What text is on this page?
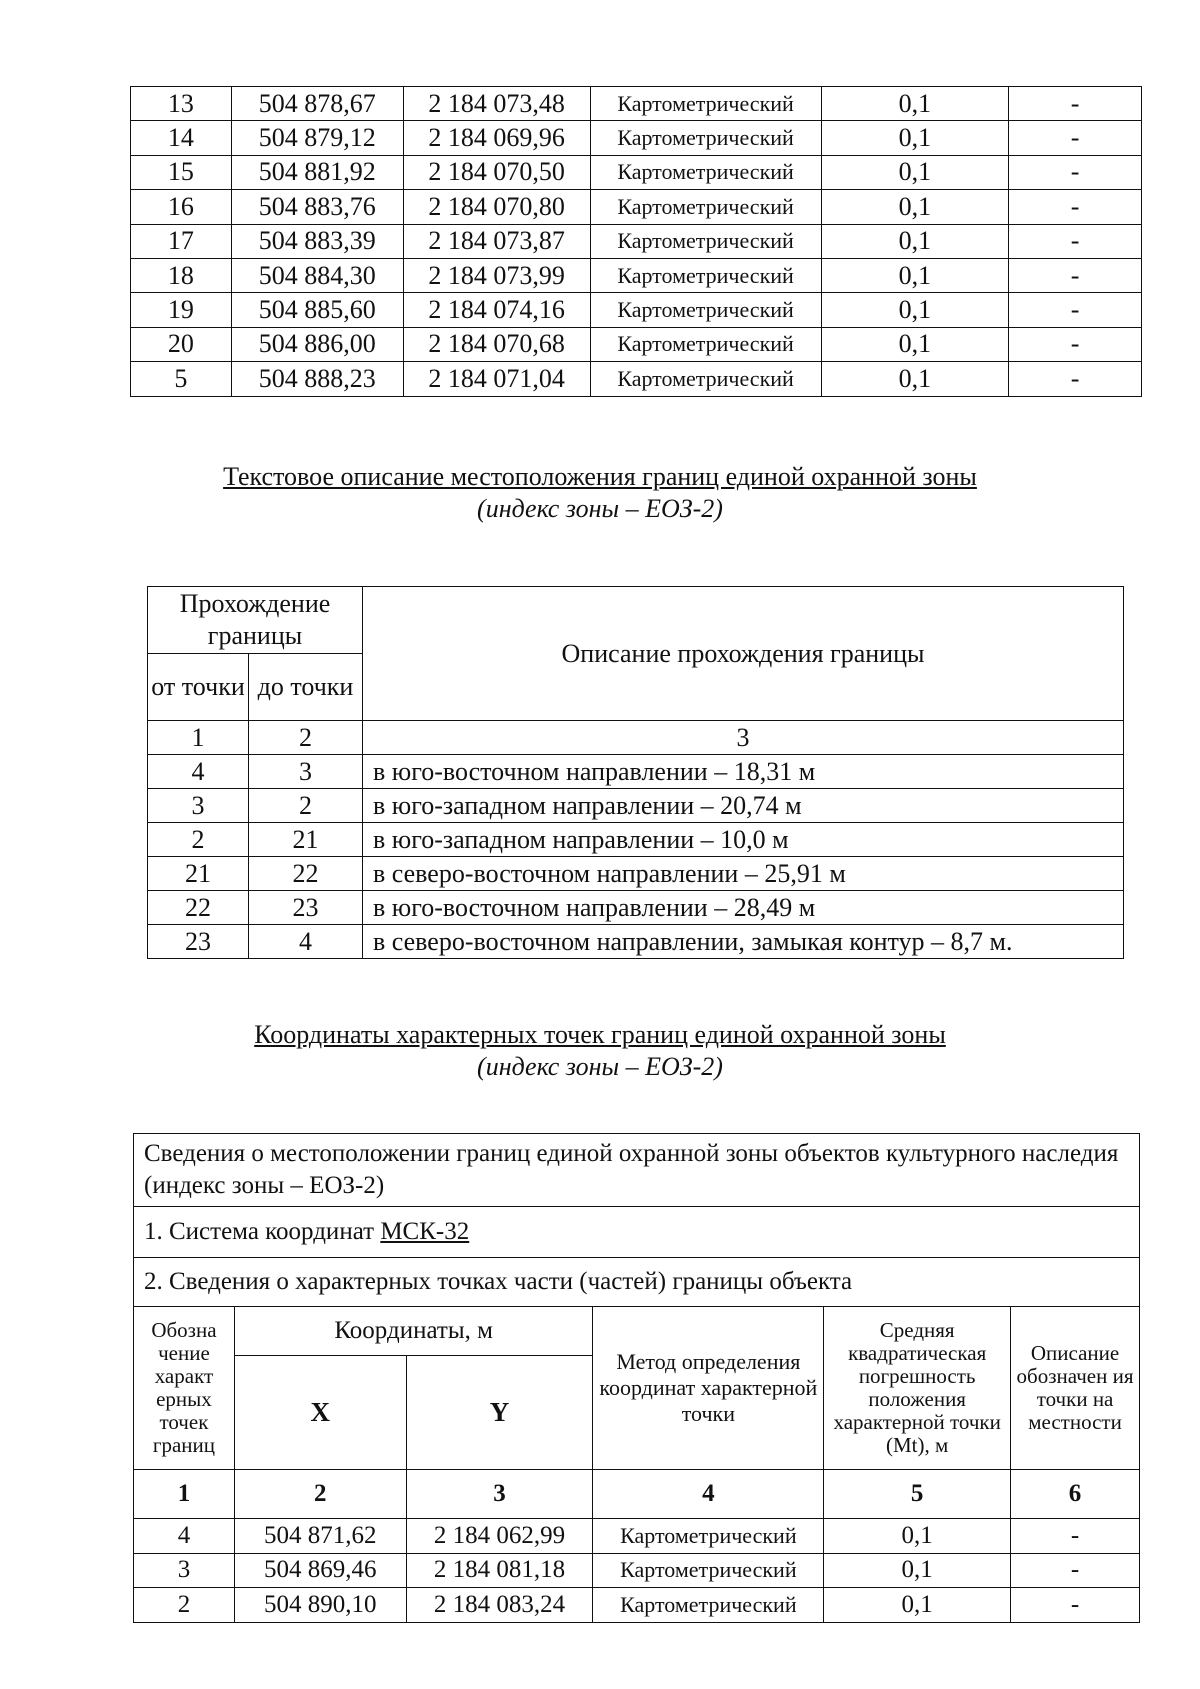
13	504 878,67	2 184 073,48	Картометрический	0,1	-
14	504 879,12	2 184 069,96	Картометрический	0,1	-
15	504 881,92	2 184 070,50	Картометрический	0,1	-
16	504 883,76	2 184 070,80	Картометрический	0,1	-
17	504 883,39	2 184 073,87	Картометрический	0,1	-
18	504 884,30	2 184 073,99	Картометрический	0,1	-
19	504 885,60	2 184 074,16	Картометрический	0,1	-
20	504 886,00	2 184 070,68	Картометрический	0,1	-
5	504 888,23	2 184 071,04	Картометрический	0,1	-
Текстовое описание местоположения границ единой охранной зоны
(индекс зоны – ЕОЗ-2)
Прохождение границы		Описание прохождения границы
от точки	до точки	
1	2	3
4	3	в юго-восточном направлении – 18,31 м
3	2	в юго-западном направлении – 20,74 м
2	21	в юго-западном направлении – 10,0 м
21	22	в северо-восточном направлении – 25,91 м
22	23	в юго-восточном направлении – 28,49 м
23	4	в северо-восточном направлении, замыкая контур – 8,7 м.
Координаты характерных точек границ единой охранной зоны
(индекс зоны – ЕОЗ-2)
Сведения о местоположении границ единой охранной зоны объектов культурного наследия (индекс зоны – ЕОЗ-2)					
1. Система координат МСК-32					
2. Сведения о характерных точках части (частей) границы объекта					
Обозна чение характ ерных точек границ	Координаты, м		Метод определения координат характерной точки	Средняя квадратическая погрешность положения характерной точки (Mt), м	Описание обозначен ия точки на местности
	X	Y			
1	2	3	4	5	6
4	504 871,62	2 184 062,99	Картометрический	0,1	-
3	504 869,46	2 184 081,18	Картометрический	0,1	-
2	504 890,10	2 184 083,24	Картометрический	0,1	-
